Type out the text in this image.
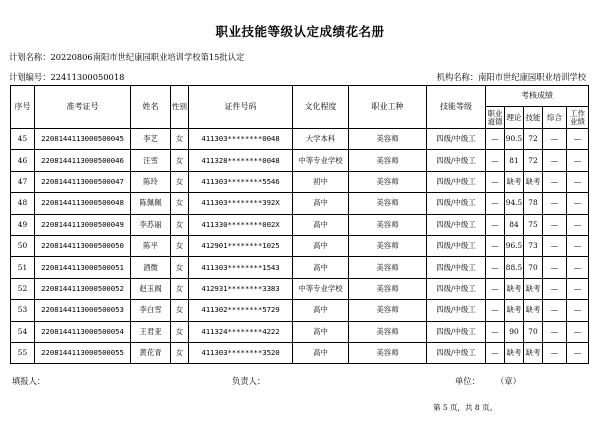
职业技能等级认定成绩花名册
计划名称：20220806南阳市世纪康园职业培训学校第15批认定
计划编号：22411300050018	机构名称：南阳市世纪康园职业培训学校
序号	准考证号	姓名	性别	证件号码	文化程度	职业工种	技能等级	考核成绩				
								职业道德	理论	技能	综合	工作业绩
45	2208144113000500045	李艺	女	411303********0048	大学本科	美容师	四级/中级工	—	90.5	72	—	—
46	2208144113000500046	汪雪	女	411328********0048	中等专业学校	美容师	四级/中级工	—	81	72	—	—
47	2208144113000500047	陈玲	女	411303********5546	初中	美容师	四级/中级工	—	缺考	缺考	—	—
48	2208144113000500048	陈佩佩	女	411303********392X	高中	美容师	四级/中级工	—	94.5	78	—	—
49	2208144113000500049	李苏丽	女	411330********002X	高中	美容师	四级/中级工	—	84	75	—	—
50	2208144113000500050	陈平	女	412901********1025	高中	美容师	四级/中级工	—	96.5	73	—	—
51	2208144113000500051	酒微	女	411303********1543	高中	美容师	四级/中级工	—	88.5	70	—	—
52	2208144113000500052	赵玉阁	女	412931********3383	中等专业学校	美容师	四级/中级工	—	缺考	缺考	—	—
53	2208144113000500053	李白雪	女	411302********5729	高中	美容师	四级/中级工	—	缺考	缺考	—	—
54	2208144113000500054	王君亚	女	411324********4222	高中	美容师	四级/中级工	—	90	70	—	—
55	2208144113000500055	黄花青	女	411303********3520	高中	美容师	四级/中级工	—	缺考	缺考	—	—
填报人：	负责人：	单位： （章）
第 5 页，共 8 页。
